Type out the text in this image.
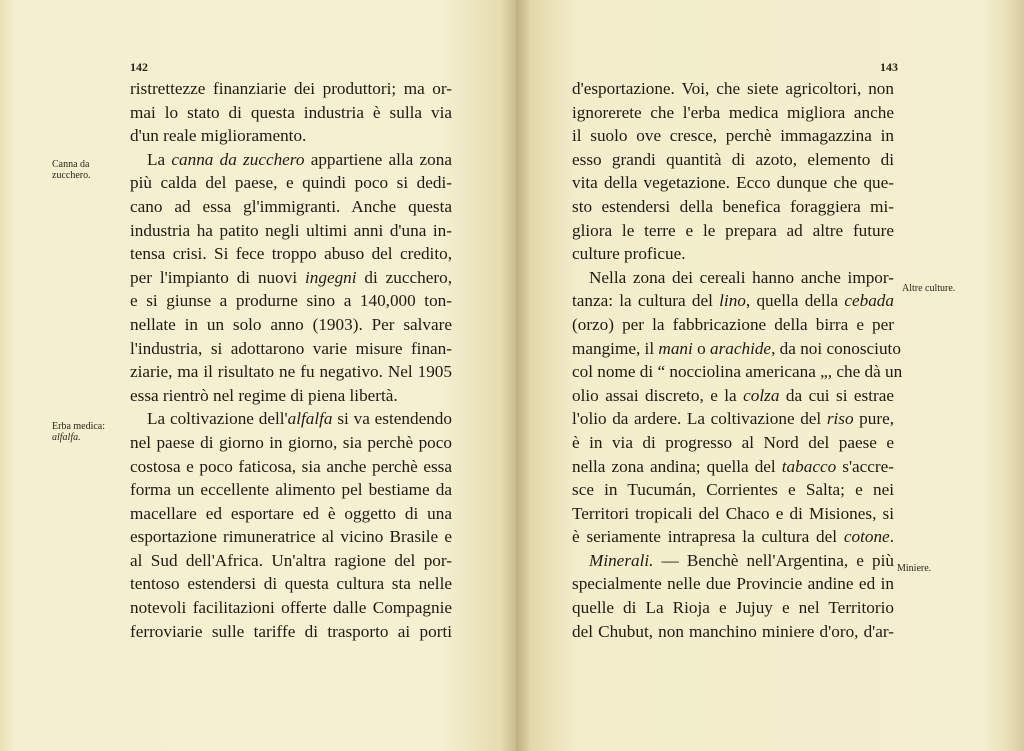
142
ristrettezze finanziarie dei produttori; ma or-
mai lo stato di questa industria è sulla via
d'un reale miglioramento.
La canna da zucchero appartiene alla zona
più calda del paese, e quindi poco si dedi-
cano ad essa gl'immigranti. Anche questa
industria ha patito negli ultimi anni d'una in-
tensa crisi. Si fece troppo abuso del credito,
per l'impianto di nuovi ingegni di zucchero,
e si giunse a produrne sino a 140,000 ton-
nellate in un solo anno (1903). Per salvare
l'industria, si adottarono varie misure finan-
ziarie, ma il risultato ne fu negativo. Nel 1905
essa rientrò nel regime di piena libertà.
La coltivazione dell'alfalfa si va estendendo
nel paese di giorno in giorno, sia perchè poco
costosa e poco faticosa, sia anche perchè essa
forma un eccellente alimento pel bestiame da
macellare ed esportare ed è oggetto di una
esportazione rimuneratrice al vicino Brasile e
al Sud dell'Africa. Un'altra ragione del por-
tentoso estendersi di questa cultura sta nelle
notevoli facilitazioni offerte dalle Compagnie
ferroviarie sulle tariffe di trasporto ai porti
Canna da
zucchero.
Erba medica:
alfalfa.
143
d'esportazione. Voi, che siete agricoltori, non
ignorerete che l'erba medica migliora anche
il suolo ove cresce, perchè immagazzina in
esso grandi quantità di azoto, elemento di
vita della vegetazione. Ecco dunque che que-
sto estendersi della benefica foraggiera mi-
gliora le terre e le prepara ad altre future
culture proficue.
Nella zona dei cereali hanno anche impor-
tanza: la cultura del lino, quella della cebada
(orzo) per la fabbricazione della birra e per
mangime, il mani o arachide, da noi conosciuto
col nome di “ nocciolina americana „, che dà un
olio assai discreto, e la colza da cui si estrae
l'olio da ardere. La coltivazione del riso pure,
è in via di progresso al Nord del paese e
nella zona andina; quella del tabacco s'accre-
sce in Tucumán, Corrientes e Salta; e nei
Territori tropicali del Chaco e di Misiones, si
è seriamente intrapresa la cultura del cotone.
Minerali. — Benchè nell'Argentina, e più
specialmente nelle due Provincie andine ed in
quelle di La Rioja e Jujuy e nel Territorio
del Chubut, non manchino miniere d'oro, d'ar-
Altre culture.
Miniere.
